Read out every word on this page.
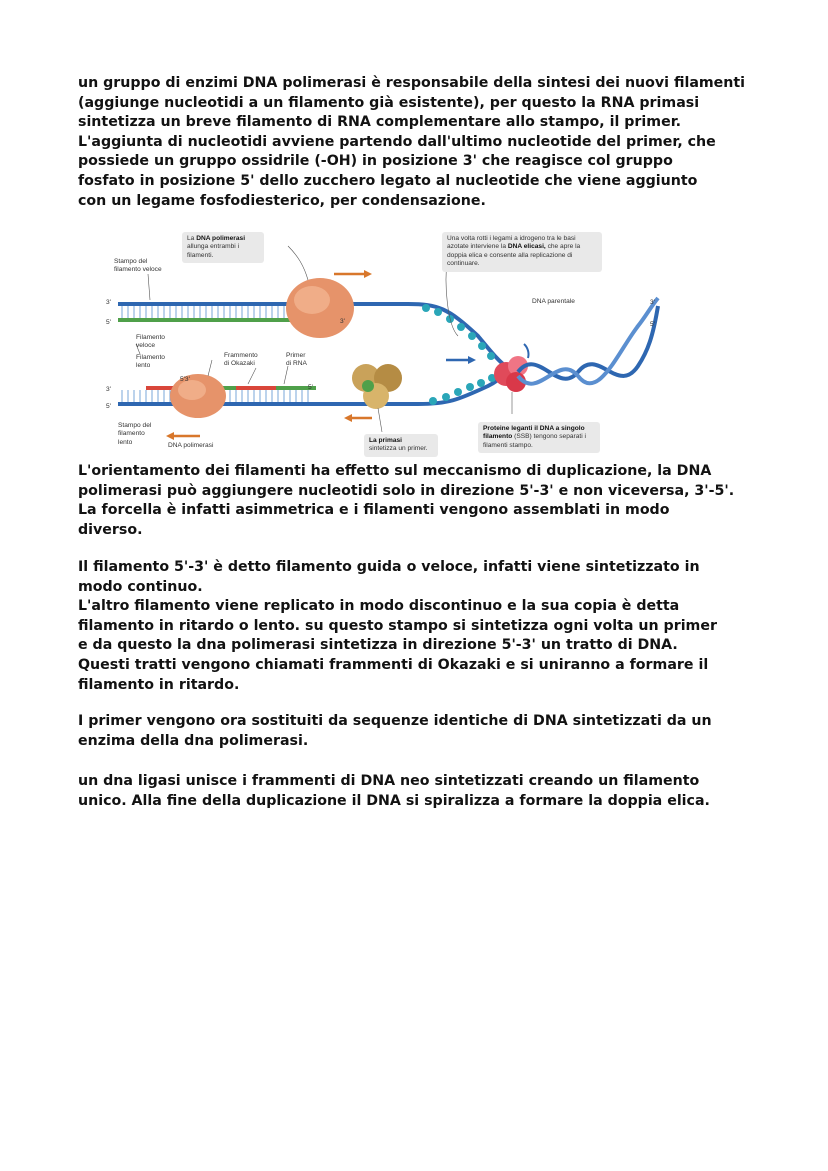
un gruppo di enzimi DNA polimerasi è responsabile della sintesi dei nuovi filamenti
(aggiunge nucleotidi a un filamento già esistente), per questo la RNA primasi
sintetizza un breve filamento di RNA complementare allo stampo, il primer.
L'aggiunta di nucleotidi avviene partendo dall'ultimo nucleotide del primer, che
possiede un gruppo ossidrile (-OH) in posizione 3' che reagisce col gruppo
fosfato in posizione 5' dello zucchero legato al nucleotide che viene aggiunto
con un legame fosfodiesterico, per condensazione.

3'
5'
3'
5'
3'
5'
5'3'
3'
5'
DNA parentale
Stampo del
filamento veloce
Filamento
veloce
Filamento
lento
Frammento
di Okazaki
Primer
di RNA
Stampo del
filamento
lento	DNA polimerasi
La DNA polimerasi allunga entrambi i filamenti.
Una volta rotti i legami a idrogeno tra le basi azotate interviene la DNA elicasi, che apre la doppia elica e consente alla replicazione di continuare.
La primasi
sintetizza un primer.
Proteine leganti il DNA a singolo filamento (SSB) tengono separati i filamenti stampo.

L'orientamento dei filamenti ha effetto sul meccanismo di duplicazione, la DNA
polimerasi può aggiungere nucleotidi solo in direzione 5'-3' e non viceversa, 3'-5'.
La forcella è infatti asimmetrica e i filamenti vengono assemblati in modo
diverso.

Il filamento 5'-3' è detto filamento guida o veloce, infatti viene sintetizzato in
modo continuo.
L'altro filamento viene replicato in modo discontinuo e la sua copia è detta
filamento in ritardo o lento. su questo stampo si sintetizza ogni volta un primer
e da questo la dna polimerasi sintetizza in direzione 5'-3' un tratto di DNA.
Questi tratti vengono chiamati frammenti di Okazaki e si uniranno a formare il
filamento in ritardo.

I primer vengono ora sostituiti da sequenze identiche di DNA sintetizzati da un
enzima della dna polimerasi.

un dna ligasi unisce i frammenti di DNA neo sintetizzati creando un filamento
unico. Alla fine della duplicazione il DNA si spiralizza a formare la doppia elica.
